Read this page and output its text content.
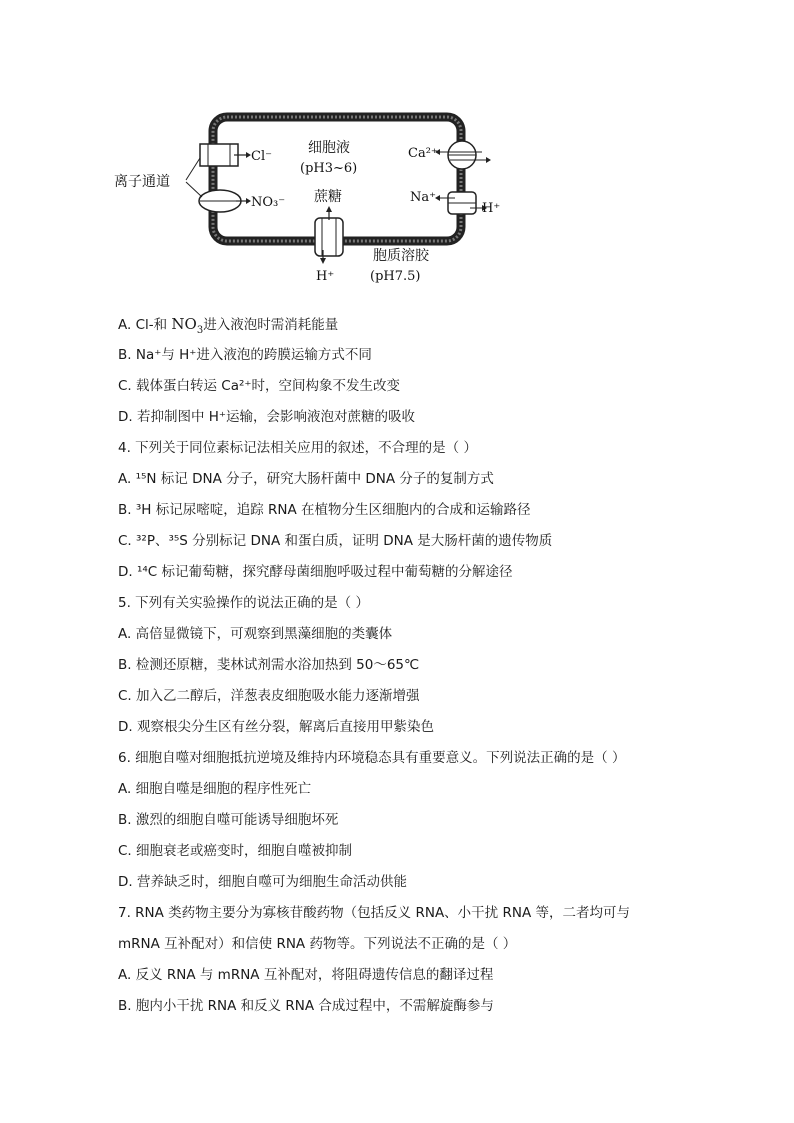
离子通道
Cl⁻
NO₃⁻
细胞液
(pH3~6)
蔗糖
H⁺
Ca²⁺
Na⁺
H⁺
胞质溶胶
(pH7.5)
A. Cl-和 $NO_3$进入液泡时需消耗能量
B. Na⁺与 H⁺进入液泡的跨膜运输方式不同
C. 载体蛋白转运 Ca²⁺时，空间构象不发生改变
D. 若抑制图中 H⁺运输，会影响液泡对蔗糖的吸收
4. 下列关于同位素标记法相关应用的叙述，不合理的是（ ）
A. ¹⁵N 标记 DNA 分子，研究大肠杆菌中 DNA 分子的复制方式
B. ³H 标记尿嘧啶，追踪 RNA 在植物分生区细胞内的合成和运输路径
C. ³²P、³⁵S 分别标记 DNA 和蛋白质，证明 DNA 是大肠杆菌的遗传物质
D. ¹⁴C 标记葡萄糖，探究酵母菌细胞呼吸过程中葡萄糖的分解途径
5. 下列有关实验操作的说法正确的是（ ）
A. 高倍显微镜下，可观察到黑藻细胞的类囊体
B. 检测还原糖，斐林试剂需水浴加热到 50～65℃
C. 加入乙二醇后，洋葱表皮细胞吸水能力逐渐增强
D. 观察根尖分生区有丝分裂，解离后直接用甲紫染色
6. 细胞自噬对细胞抵抗逆境及维持内环境稳态具有重要意义。下列说法正确的是（ ）
A. 细胞自噬是细胞的程序性死亡
B. 激烈的细胞自噬可能诱导细胞坏死
C. 细胞衰老或癌变时，细胞自噬被抑制
D. 营养缺乏时，细胞自噬可为细胞生命活动供能
7. RNA 类药物主要分为寡核苷酸药物（包括反义 RNA、小干扰 RNA 等，二者均可与
mRNA 互补配对）和信使 RNA 药物等。下列说法不正确的是（ ）
A. 反义 RNA 与 mRNA 互补配对，将阻碍遗传信息的翻译过程
B. 胞内小干扰 RNA 和反义 RNA 合成过程中，不需解旋酶参与
